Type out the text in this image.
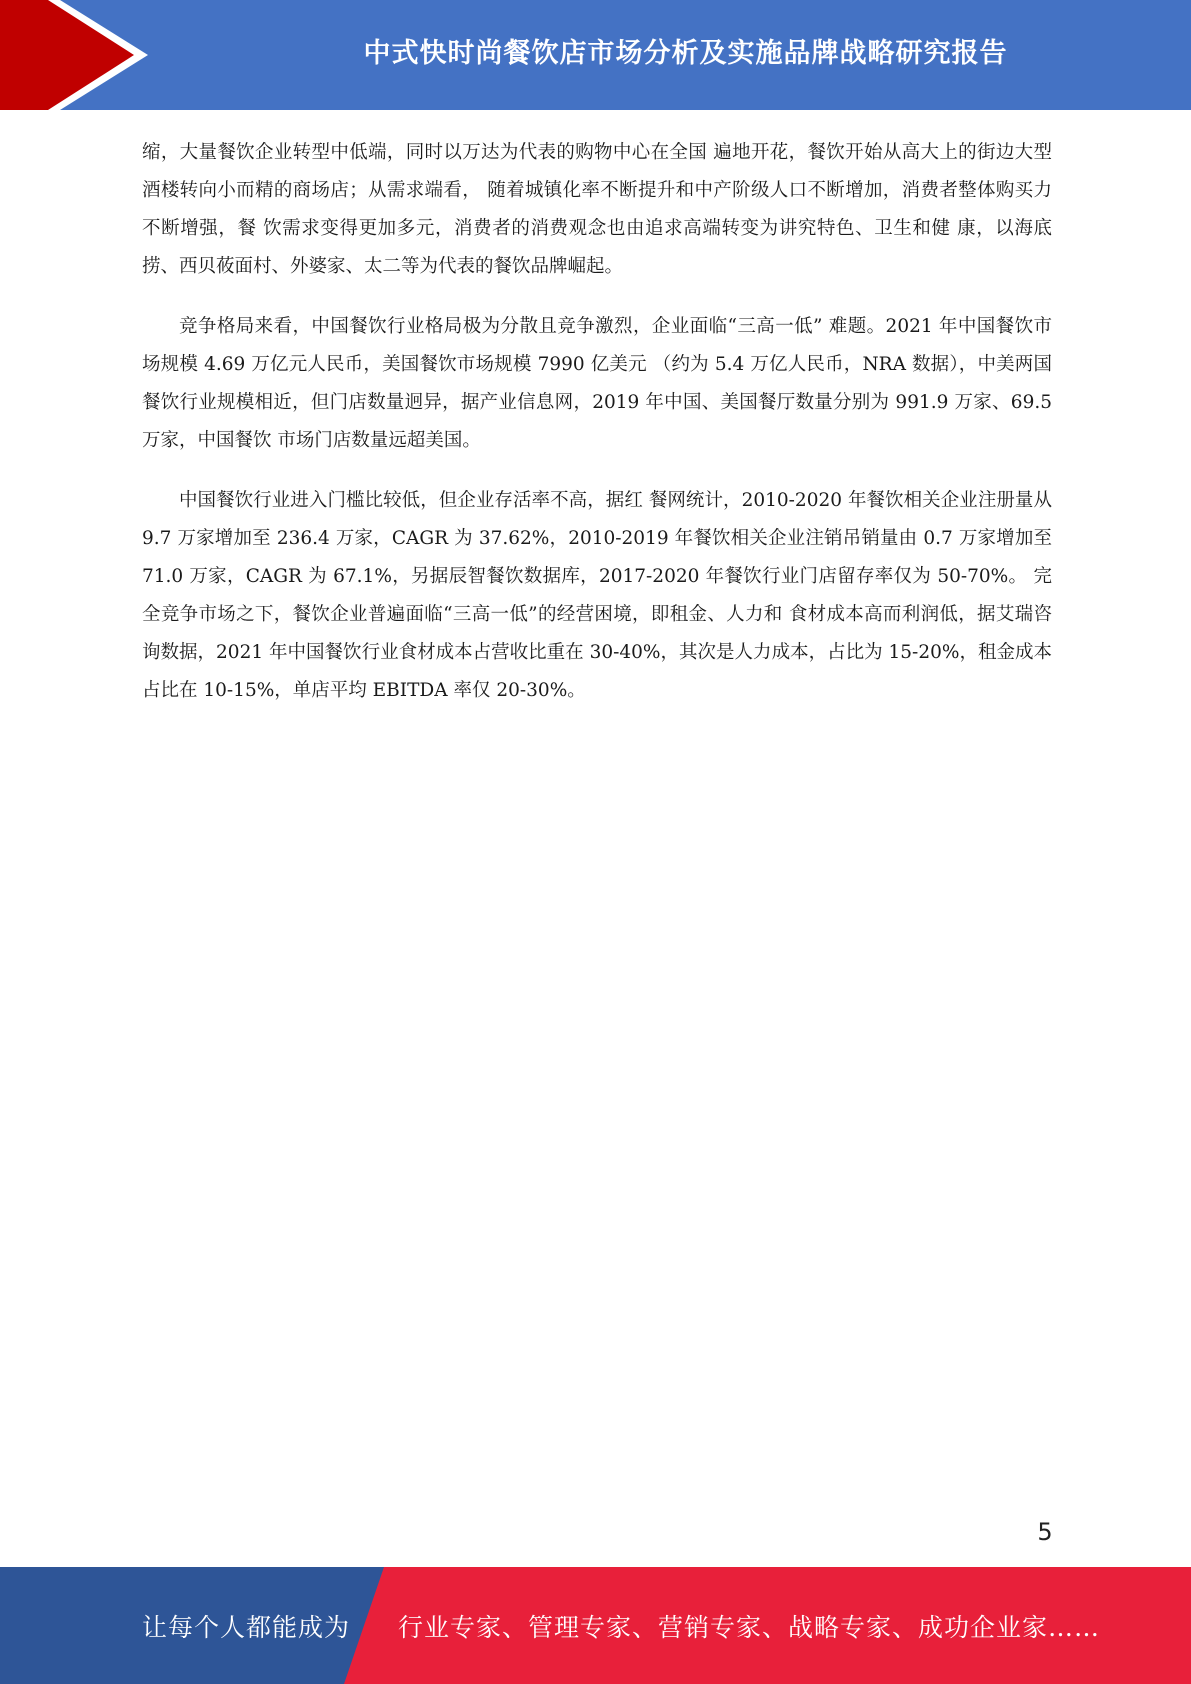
中式快时尚餐饮店市场分析及实施品牌战略研究报告

缩，大量餐饮企业转型中低端，同时以万达为代表的购物中心在全国 遍地开花，餐饮开始从高大上的街边大型酒楼转向小而精的商场店；从需求端看， 随着城镇化率不断提升和中产阶级人口不断增加，消费者整体购买力不断增强，餐 饮需求变得更加多元，消费者的消费观念也由追求高端转变为讲究特色、卫生和健 康，以海底捞、西贝莜面村、外婆家、太二等为代表的餐饮品牌崛起。

竞争格局来看，中国餐饮行业格局极为分散且竞争激烈，企业面临“三高一低” 难题。2021 年中国餐饮市场规模 4.69 万亿元人民币，美国餐饮市场规模 7990 亿美元 （约为 5.4 万亿人民币，NRA 数据），中美两国餐饮行业规模相近，但门店数量迥异，据产业信息网，2019 年中国、美国餐厅数量分别为 991.9 万家、69.5 万家，中国餐饮 市场门店数量远超美国。

中国餐饮行业进入门槛比较低，但企业存活率不高，据红 餐网统计，2010-2020 年餐饮相关企业注册量从 9.7 万家增加至 236.4 万家，CAGR 为 37.62%，2010-2019 年餐饮相关企业注销吊销量由 0.7 万家增加至 71.0 万家，CAGR 为 67.1%，另据辰智餐饮数据库，2017-2020 年餐饮行业门店留存率仅为 50-70%。 完全竞争市场之下，餐饮企业普遍面临“三高一低”的经营困境，即租金、人力和 食材成本高而利润低，据艾瑞咨询数据，2021 年中国餐饮行业食材成本占营收比重在 30-40%，其次是人力成本，占比为 15-20%，租金成本占比在 10-15%，单店平均 EBITDA 率仅 20-30%。

5
让每个人都能成为 行业专家、管理专家、营销专家、战略专家、成功企业家……
